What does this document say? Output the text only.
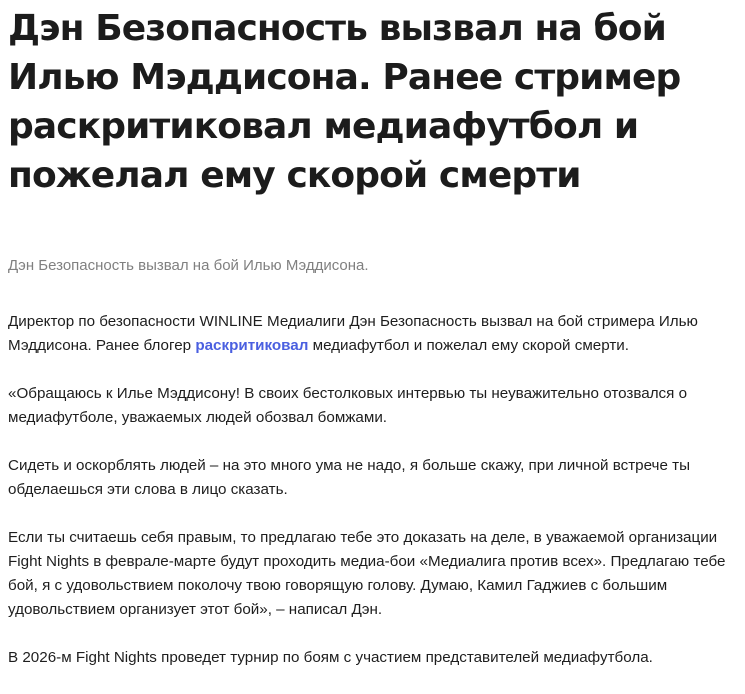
Дэн Безопасность вызвал на бой Илью Мэддисона. Ранее стример раскритиковал медиафутбол и пожелал ему скорой смерти

Дэн Безопасность вызвал на бой Илью Мэддисона.

Директор по безопасности WINLINE Медиалиги Дэн Безопасность вызвал на бой стримера Илью Мэддисона. Ранее блогер раскритиковал медиафутбол и пожелал ему скорой смерти.

«Обращаюсь к Илье Мэддисону! В своих бестолковых интервью ты неуважительно отозвался о медиафутболе, уважаемых людей обозвал бомжами.

Сидеть и оскорблять людей – на это много ума не надо, я больше скажу, при личной встрече ты обделаешься эти слова в лицо сказать.

Если ты считаешь себя правым, то предлагаю тебе это доказать на деле, в уважаемой организации Fight Nights в феврале-марте будут проходить медиа-бои «Медиалига против всех». Предлагаю тебе бой, я с удовольствием поколочу твою говорящую голову. Думаю, Камил Гаджиев с большим удовольствием организует этот бой», – написал Дэн.

В 2026-м Fight Nights проведет турнир по боям с участием представителей медиафутбола.
